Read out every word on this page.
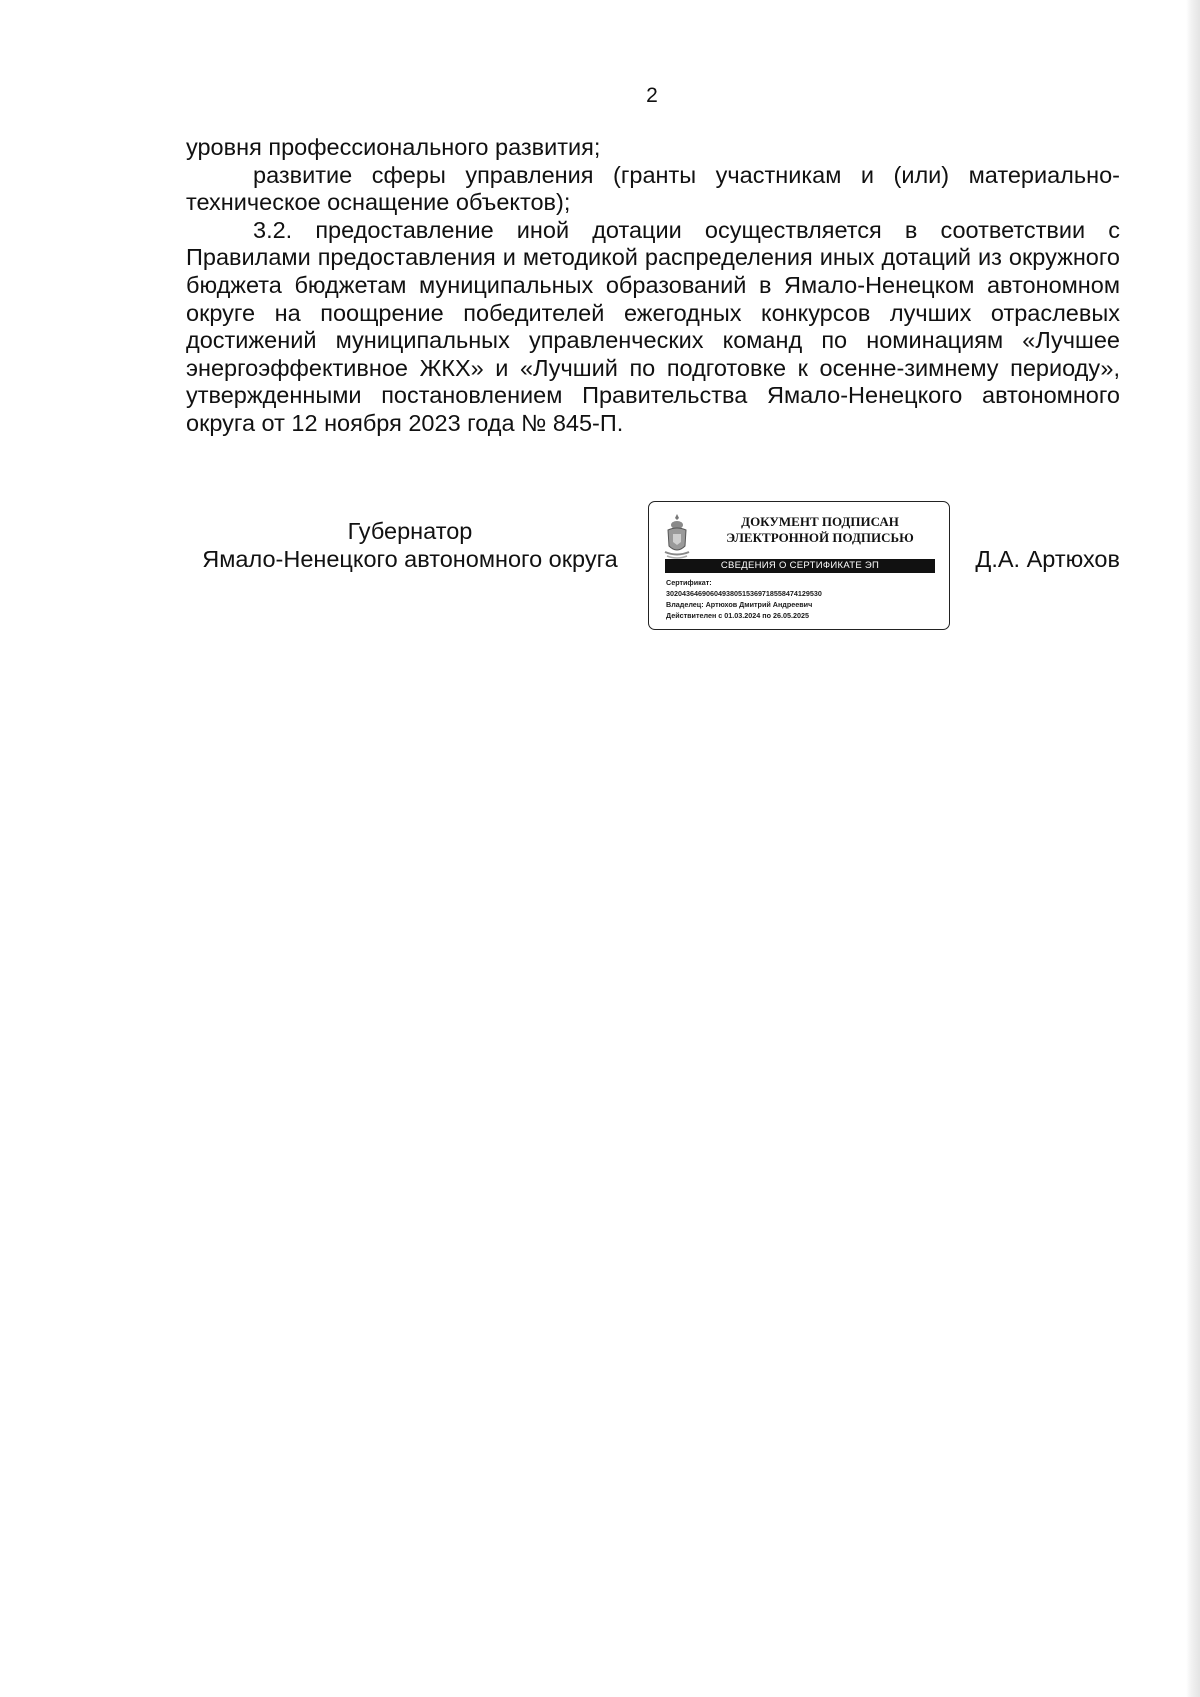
2

уровня профессионального развития;

развитие сферы управления (гранты участникам и (или) материально-техническое оснащение объектов);

3.2. предоставление иной дотации осуществляется в соответствии с Правилами предоставления и методикой распределения иных дотаций из окружного бюджета бюджетам муниципальных образований в Ямало-Ненецком автономном округе на поощрение победителей ежегодных конкурсов лучших отраслевых достижений муниципальных управленческих команд по номинациям «Лучшее энергоэффективное ЖКХ» и «Лучший по подготовке к осенне-зимнему периоду», утвержденными постановлением Правительства Ямало-Ненецкого автономного округа от 12 ноября 2023 года № 845-П.

Губернатор
Ямало-Ненецкого автономного округа
ДОКУМЕНТ ПОДПИСАН
ЭЛЕКТРОННОЙ ПОДПИСЬЮ
СВЕДЕНИЯ О СЕРТИФИКАТЕ ЭП
Сертификат:
302043646906049380515369718558474129530
Владелец: Артюхов Дмитрий Андреевич
Действителен с 01.03.2024 по 26.05.2025
Д.А. Артюхов
